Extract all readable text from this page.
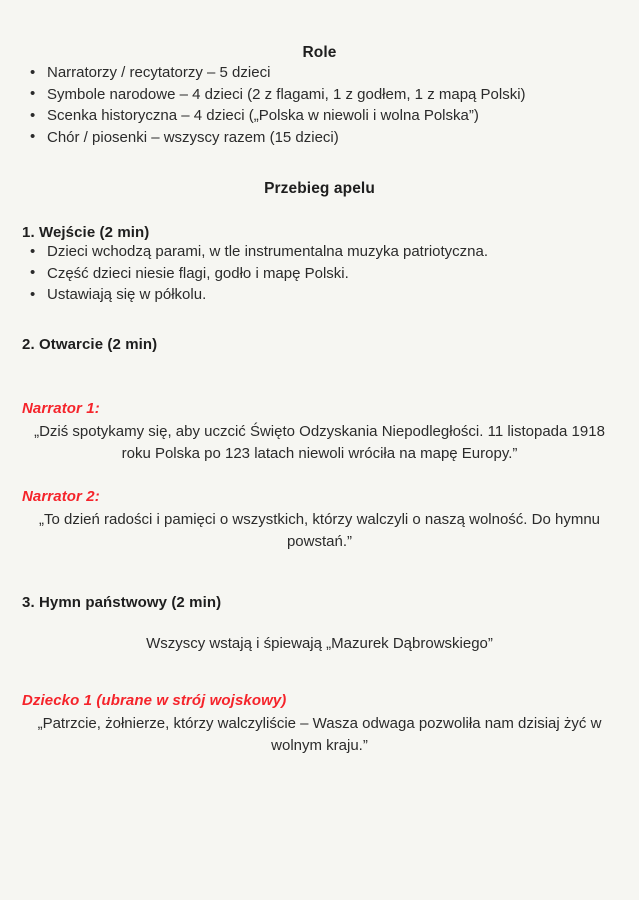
Role
• Narratorzy / recytatorzy – 5 dzieci
• Symbole narodowe – 4 dzieci (2 z flagami, 1 z godłem, 1 z mapą Polski)
• Scenka historyczna – 4 dzieci („Polska w niewoli i wolna Polska”)
• Chór / piosenki – wszyscy razem (15 dzieci)
Przebieg apelu
1. Wejście (2 min)
• Dzieci wchodzą parami, w tle instrumentalna muzyka patriotyczna.
• Część dzieci niesie flagi, godło i mapę Polski.
• Ustawiają się w półkolu.
2. Otwarcie (2 min)
Narrator 1:
„Dziś spotykamy się, aby uczcić Święto Odzyskania Niepodległości. 11 listopada 1918 roku Polska po 123 latach niewoli wróciła na mapę Europy.”
Narrator 2:
„To dzień radości i pamięci o wszystkich, którzy walczyli o naszą wolność. Do hymnu powstań.”
3. Hymn państwowy (2 min)
Wszyscy wstają i śpiewają „Mazurek Dąbrowskiego”
Dziecko 1 (ubrane w strój wojskowy)
„Patrzcie, żołnierze, którzy walczyliście – Wasza odwaga pozwoliła nam dzisiaj żyć w wolnym kraju.”
